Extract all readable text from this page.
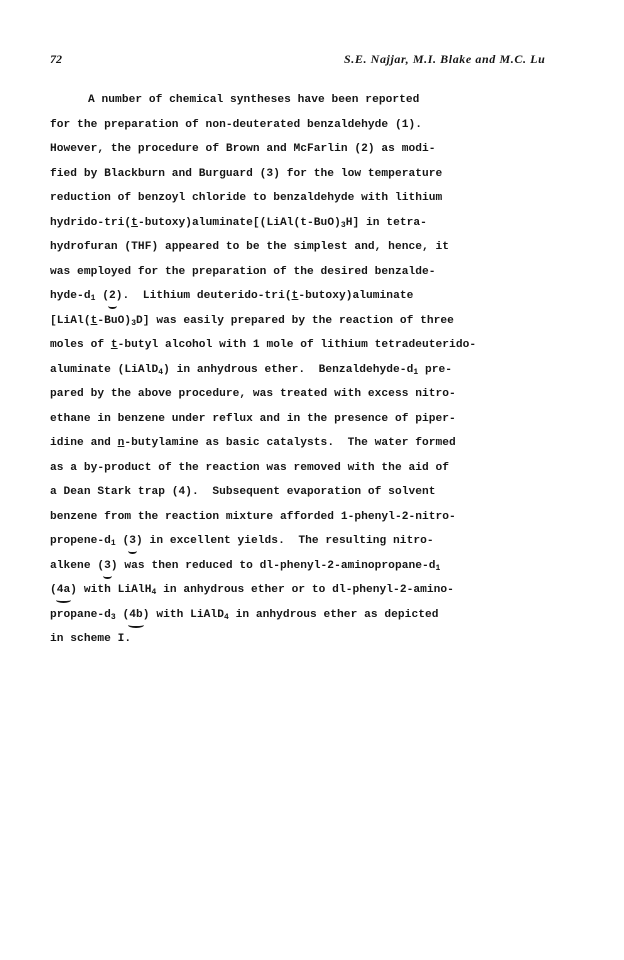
72	S.E. Najjar, M.I. Blake and M.C. Lu
A number of chemical syntheses have been reported
for the preparation of non-deuterated benzaldehyde (1).
However, the procedure of Brown and McFarlin (2) as modi-
fied by Blackburn and Burguard (3) for the low temperature
reduction of benzoyl chloride to benzaldehyde with lithium
hydrido-$tri(t-butoxy)aluminate[(LiAl(t-BuO)_3H]$ in tetra-
hydrofuran (THF) appeared to be the simplest and, hence, it
was employed for the preparation of the desired benzalde-
hyde-$d_1$ (2).  Lithium deuterido-tri(t-butoxy)aluminate
$[LiAl(t-BuO)_3D]$ was easily prepared by the reaction of three
moles of t-butyl alcohol with 1 mole of lithium tetradeuterido-
aluminate (LiAlD$_4$) in anhydrous ether.  Benzaldehyde-$d_1$ pre-
pared by the above procedure, was treated with excess nitro-
ethane in benzene under reflux and in the presence of piper-
idine and n-butylamine as basic catalysts.  The water formed
as a by-product of the reaction was removed with the aid of
a Dean Stark trap (4).  Subsequent evaporation of solvent
benzene from the reaction mixture afforded 1-phenyl-2-nitro-
propene-$d_1$ (3) in excellent yields.  The resulting nitro-
alkene (3) was then reduced to $dl-phenyl-2-aminopropane-d_1$
(4a) with LiAlH$_4$ in anhydrous ether or to dl-phenyl-2-amino-
propane-$d_3$ (4b) with LiAlD$_4$ in anhydrous ether as depicted
in scheme I.
